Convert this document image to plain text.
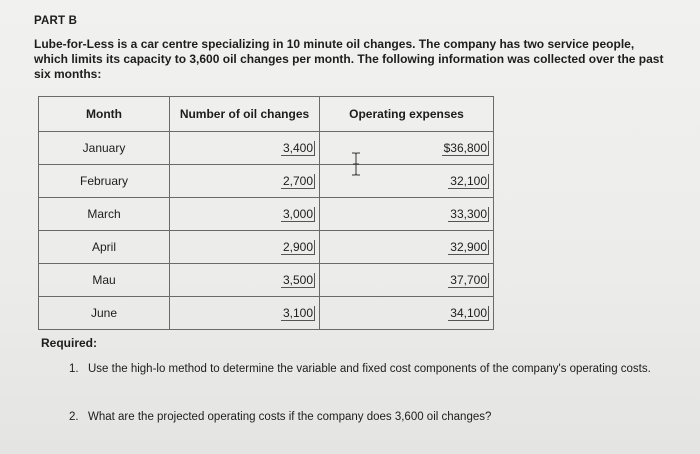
PART B
Lube-for-Less is a car centre specializing in 10 minute oil changes. The company has two service people, which limits its capacity to 3,600 oil changes per month. The following information was collected over the past six months:
Month	Number of oil changes	Operating expenses
January	3,400	$36,800
February	2,700	32,100
March	3,000	33,300
April	2,900	32,900
Mau	3,500	37,700
June	3,100	34,100
Required:
1. Use the high-lo method to determine the variable and fixed cost components of the company's operating costs.
2. What are the projected operating costs if the company does 3,600 oil changes?
